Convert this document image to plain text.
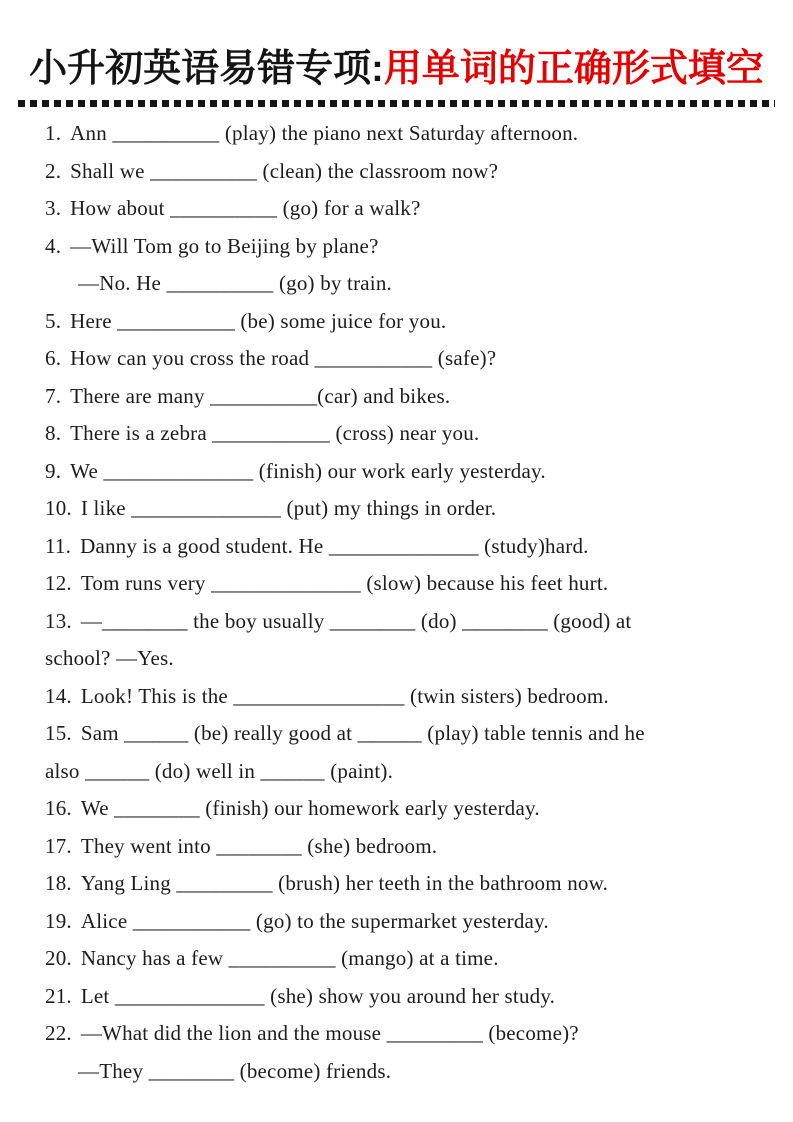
小升初英语易错专项:用单词的正确形式填空
1. Ann __________ (play) the piano next Saturday afternoon.
2. Shall we __________ (clean) the classroom now?
3. How about __________ (go) for a walk?
4. —Will Tom go to Beijing by plane?
—No. He __________ (go) by train.
5. Here ___________ (be) some juice for you.
6. How can you cross the road ___________ (safe)?
7. There are many __________(car) and bikes.
8. There is a zebra ___________ (cross) near you.
9. We ______________ (finish) our work early yesterday.
10. I like ______________ (put) my things in order.
11. Danny is a good student. He ______________ (study)hard.
12. Tom runs very ______________ (slow) because his feet hurt.
13. —________ the boy usually ________ (do) ________ (good) at
school? —Yes.
14. Look! This is the ________________ (twin sisters) bedroom.
15. Sam ______ (be) really good at ______ (play) table tennis and he
also ______ (do) well in ______ (paint).
16. We ________ (finish) our homework early yesterday.
17. They went into ________ (she) bedroom.
18. Yang Ling _________ (brush) her teeth in the bathroom now.
19. Alice ___________ (go) to the supermarket yesterday.
20. Nancy has a few __________ (mango) at a time.
21. Let ______________ (she) show you around her study.
22. —What did the lion and the mouse _________ (become)?
—They ________ (become) friends.
